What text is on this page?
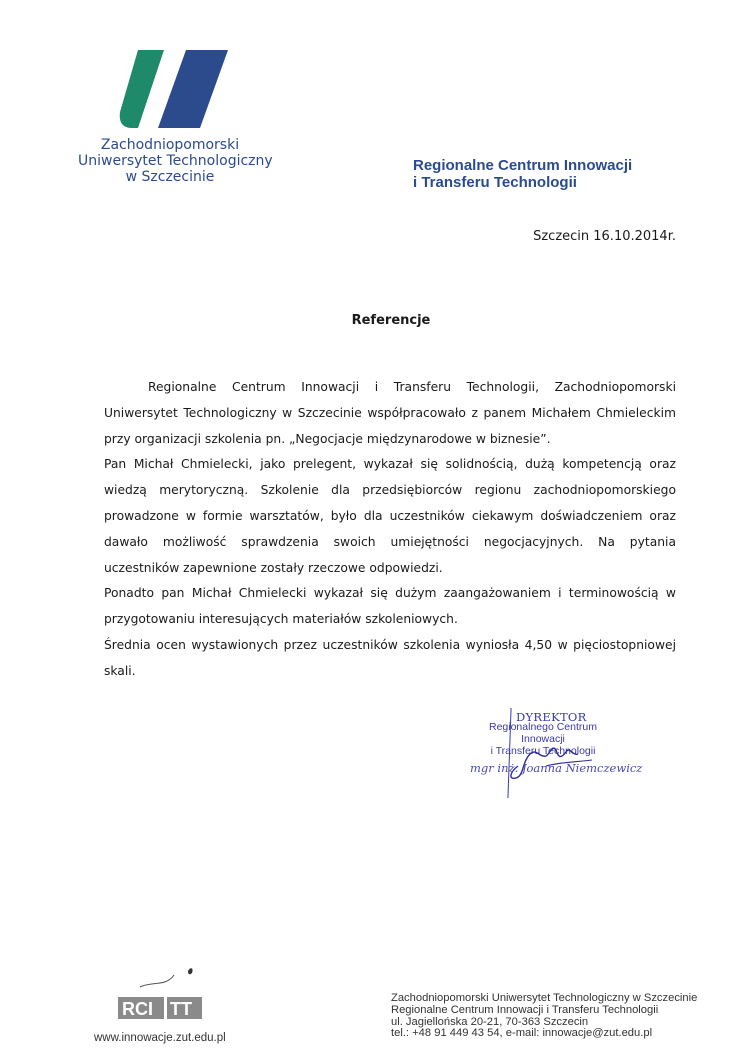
Zachodniopomorski
Uniwersytet Technologiczny
w Szczecinie
Regionalne Centrum Innowacji
i Transferu Technologii
Szczecin 16.10.2014r.
Referencje

Regionalne Centrum Innowacji i Transferu Technologii, Zachodniopomorski Uniwersytet Technologiczny w Szczecinie współpracowało z panem Michałem Chmieleckim przy organizacji szkolenia pn. „Negocjacje międzynarodowe w biznesie”.

Pan Michał Chmielecki, jako prelegent, wykazał się solidnością, dużą kompetencją oraz wiedzą merytoryczną. Szkolenie dla przedsiębiorców regionu zachodniopomorskiego prowadzone w formie warsztatów, było dla uczestników ciekawym doświadczeniem oraz dawało możliwość sprawdzenia swoich umiejętności negocjacyjnych. Na pytania uczestników zapewnione zostały rzeczowe odpowiedzi.

Ponadto pan Michał Chmielecki wykazał się dużym zaangażowaniem i terminowością w przygotowaniu interesujących materiałów szkoleniowych.

Średnia ocen wystawionych przez uczestników szkolenia wyniosła 4,50 w pięciostopniowej skali.

DYREKTOR
Regionalnego Centrum Innowacji
i Transferu Technologii
mgr inż. Joanna Niemczewicz
RCI TT
www.innowacje.zut.edu.pl
Zachodniopomorski Uniwersytet Technologiczny w Szczecinie
Regionalne Centrum Innowacji i Transferu Technologii
ul. Jagiellońska 20-21, 70-363 Szczecin
tel.: +48 91 449 43 54, e-mail: innowacje@zut.edu.pl
